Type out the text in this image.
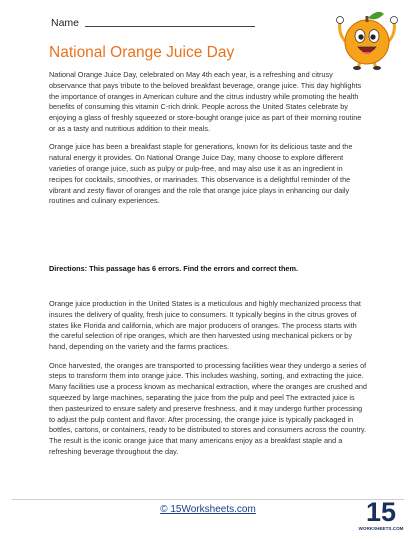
Name
National Orange Juice Day

National Orange Juice Day, celebrated on May 4th each year, is a refreshing and citrusy observance that pays tribute to the beloved breakfast beverage, orange juice. This day highlights the importance of oranges in American culture and the citrus industry while promoting the health benefits of consuming this vitamin C-rich drink. People across the United States celebrate by enjoying a glass of freshly squeezed or store-bought orange juice as part of their morning routine or as a tasty and nutritious addition to their meals.

Orange juice has been a breakfast staple for generations, known for its delicious taste and the natural energy it provides. On National Orange Juice Day, many choose to explore different varieties of orange juice, such as pulpy or pulp-free, and may also use it as an ingredient in recipes for cocktails, smoothies, or marinades. This observance is a delightful reminder of the vibrant and zesty flavor of oranges and the role that orange juice plays in enhancing our daily routines and culinary experiences.

Directions: This passage has 6 errors. Find the errors and correct them.

Orange juice production in the United States is a meticulous and highly mechanized process that insures the delivery of quality, fresh juice to consumers. It typically begins in the citrus groves of states like Florida and california, which are major producers of oranges. The process starts with the careful selection of ripe oranges, which are then harvested using mechanical pickers or by hand, depending on the variety and the farms practices.

Once harvested, the oranges are transported to processing facilities wear they undergo a series of steps to transform them into orange juice. This includes washing, sorting, and extracting the juice. Many facilities use a process known as mechanical extraction, where the oranges are crushed and squeezed by large machines, separating the juice from the pulp and peel The extracted juice is then pasteurized to ensure safety and preserve freshness, and it may undergo further processing to adjust the pulp content and flavor. After processing, the orange juice is typically packaged in bottles, cartons, or containers, ready to be distributed to stores and consumers across the country. The result is the iconic orange juice that many americans enjoy as a breakfast staple and a refreshing beverage throughout the day.

© 15Worksheets.com	15
WORKSHEETS.COM
